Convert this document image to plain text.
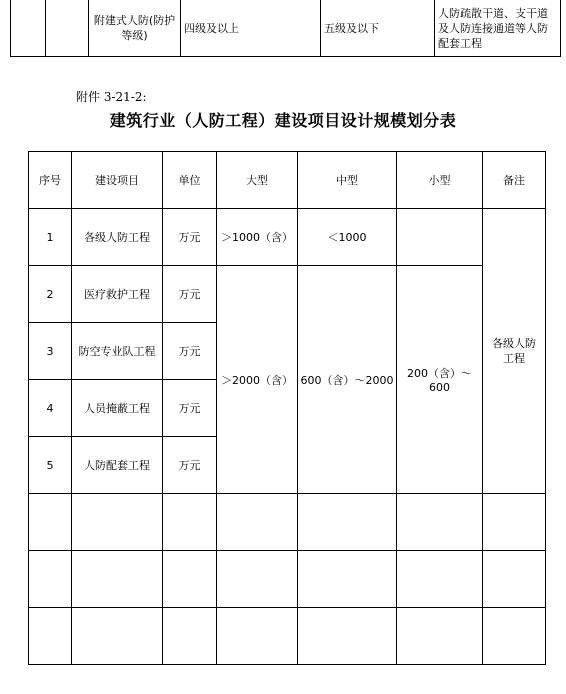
		附建式人防(防护等级)	四级及以上	五级及以下	人防疏散干道、支干道及人防连接通道等人防配套工程
附件 3-21-2:
建筑行业（人防工程）建设项目设计规模划分表
序号	建设项目	单位	大型	中型	小型	备注
1	各级人防工程	万元	＞1000（含）	＜1000		各级人防工程
2	医疗救护工程	万元	＞2000（含）	600（含）～2000	200（含）～600	
3	防空专业队工程	万元				
4	人员掩蔽工程	万元				
5	人防配套工程	万元				
